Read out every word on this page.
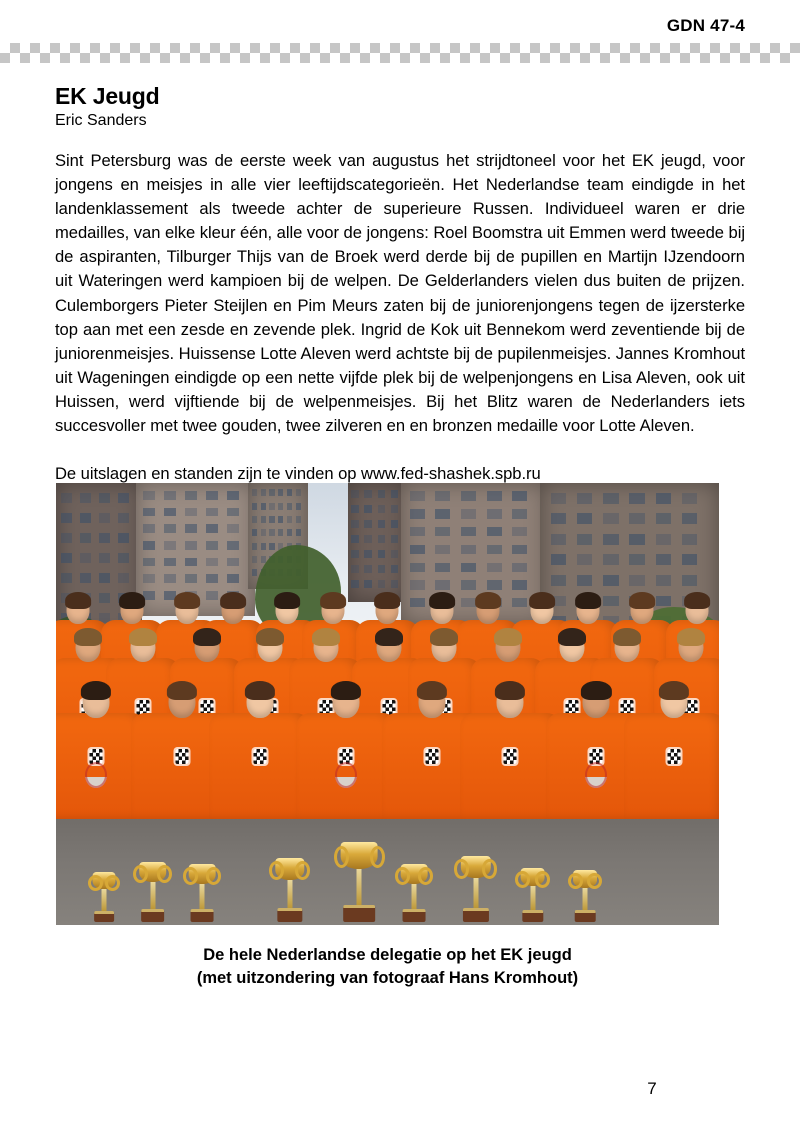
GDN 47-4
EK Jeugd
Eric Sanders

Sint Petersburg was de eerste week van augustus het strijdtoneel voor het EK jeugd, voor jongens en meisjes in alle vier leeftijdscategorieën. Het Nederlandse team eindigde in het landenklassement als tweede achter de superieure Russen. Individueel waren er drie medailles, van elke kleur één, alle voor de jongens: Roel Boomstra uit Emmen werd tweede bij de aspiranten, Tilburger Thijs van de Broek werd derde bij de pupillen en Martijn IJzendoorn uit Wateringen werd kampioen bij de welpen. De Gelderlanders vielen dus buiten de prijzen. Culemborgers Pieter Steijlen en Pim Meurs zaten bij de juniorenjongens tegen de ijzersterke top aan met een zesde en zevende plek. Ingrid de Kok uit Bennekom werd zeventiende bij de juniorenmeisjes. Huissense Lotte Aleven werd achtste bij de pupilenmeisjes. Jannes Kromhout uit Wageningen eindigde op een nette vijfde plek bij de welpenjongens en Lisa Aleven, ook uit Huissen, werd vijftiende bij de welpenmeisjes. Bij het Blitz waren de Nederlanders iets succesvoller met twee gouden, twee zilveren en en bronzen medaille voor Lotte Aleven.

De uitslagen en standen zijn te vinden op www.fed-shashek.spb.ru

De hele Nederlandse delegatie op het EK jeugd
(met uitzondering van fotograaf Hans Kromhout)
7
